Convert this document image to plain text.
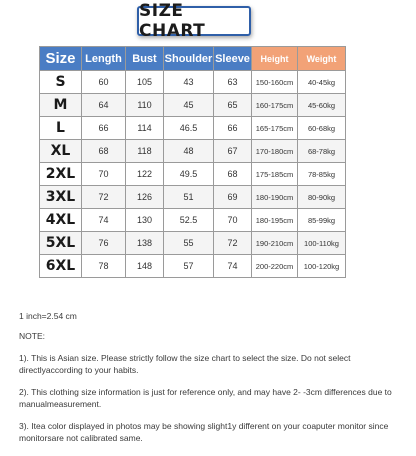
SIZE CHART
Size	Length	Bust	Shoulder	Sleeve	Height	Weight
S	60	105	43	63	150-160cm	40-45kg
M	64	110	45	65	160-175cm	45-60kg
L	66	114	46.5	66	165-175cm	60-68kg
XL	68	118	48	67	170-180cm	68-78kg
2XL	70	122	49.5	68	175-185cm	78-85kg
3XL	72	126	51	69	180-190cm	80-90kg
4XL	74	130	52.5	70	180-195cm	85-99kg
5XL	76	138	55	72	190-210cm	100-110kg
6XL	78	148	57	74	200-220cm	100-120kg

1 inch=2.54 cm

NOTE:

1). This is Asian size. Please strictly follow the size chart to select the size. Do not select directlyaccording to your habits.

2). This clothing size information is just for reference only, and may have 2- -3cm differences due to manualmeasurement.

3). Itea color displayed in photos may be showing slight1y different on your coaputer monitor since monitorsare not calibrated same.
